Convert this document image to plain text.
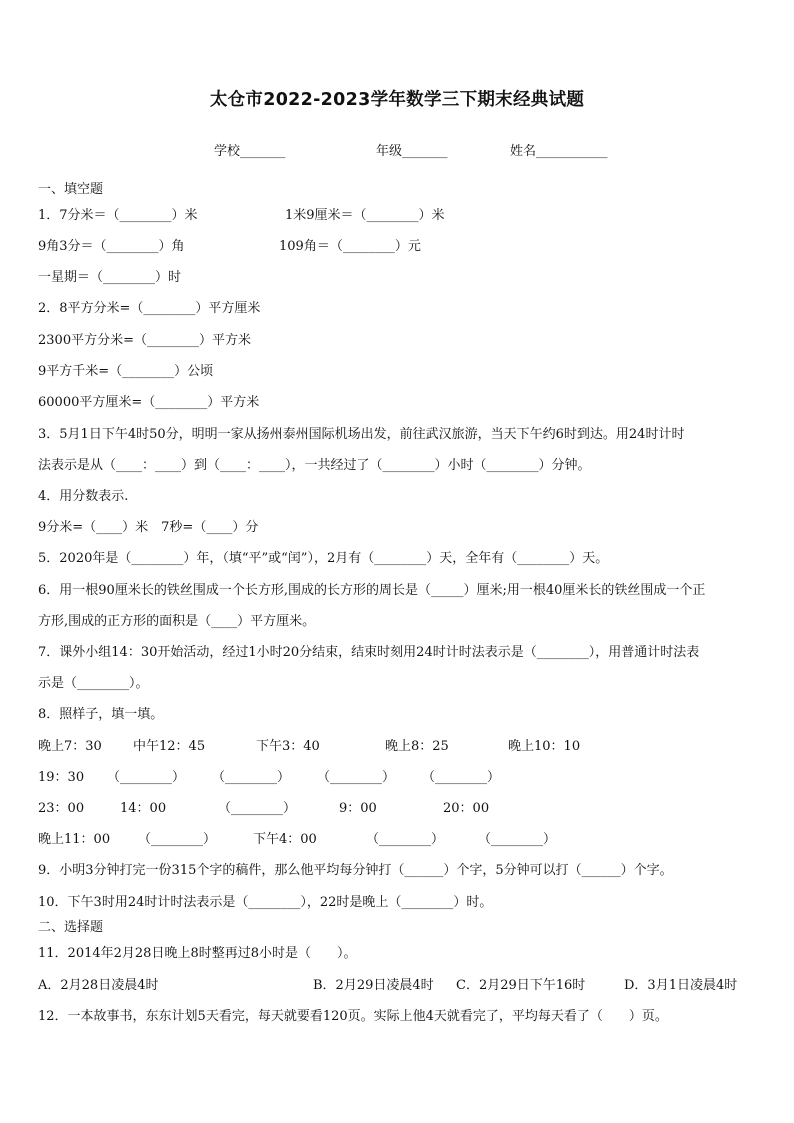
太仓市2022-2023学年数学三下期末经典试题
学校_______	年级_______	姓名___________
一、填空题
1．7分米＝（________）米	1米9厘米＝（________）米
9角3分＝（________）角	109角＝（________）元
一星期＝（________）时
2．8平方分米=（________）平方厘米
2300平方分米=（________）平方米
9平方千米=（________）公顷
60000平方厘米=（________）平方米
3．5月1日下午4时50分，明明一家从扬州泰州国际机场出发，前往武汉旅游，当天下午约6时到达。用24时计时
法表示是从（____：____）到（____：____），一共经过了（________）小时（________）分钟。
4．用分数表示.
9分米=（____）米　7秒=（____）分
5．2020年是（________）年，（填“平”或“闰”），2月有（________）天，全年有（________）天。
6．用一根90厘米长的铁丝围成一个长方形,围成的长方形的周长是（_____）厘米;用一根40厘米长的铁丝围成一个正
方形,围成的正方形的面积是（____）平方厘米。
7．课外小组14：30开始活动，经过1小时20分结束，结束时刻用24时计时法表示是（________），用普通计时法表
示是（________）。
8．照样子，填一填。
晚上7：30 中午12：45	下午3：40	晚上8：25	晚上10：10
19：30 （________） （________） （________） （________）
23：00	14：00	（________）	9：00	20：00
晚上11：00 （________）	下午4：00	（________）	（________）
9．小明3分钟打完一份315个字的稿件，那么他平均每分钟打（______）个字，5分钟可以打（______）个字。
10．下午3时用24时计时法表示是（________），22时是晚上（________）时。
二、选择题
11．2014年2月28日晚上8时整再过8小时是（　　）。
A．2月28日凌晨4时	B．2月29日凌晨4时 C．2月29日下午16时	D．3月1日凌晨4时
12．一本故事书，东东计划5天看完，每天就要看120页。实际上他4天就看完了，平均每天看了（　　）页。
